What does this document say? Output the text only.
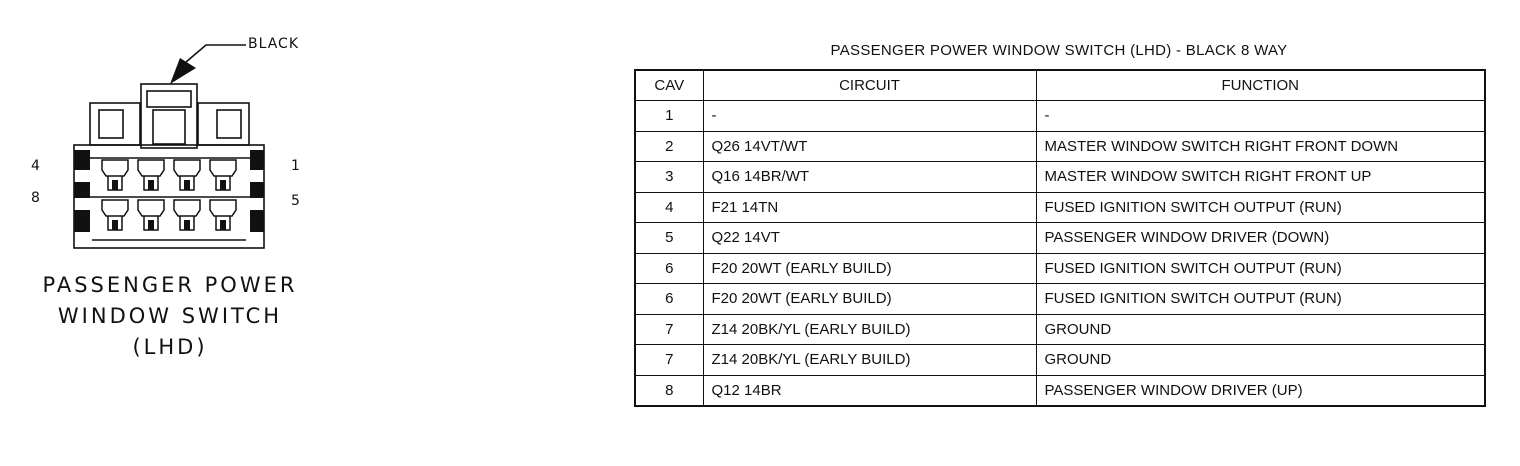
BLACK
4	1
8	5
PASSENGER POWER
WINDOW SWITCH
(LHD)
PASSENGER POWER WINDOW SWITCH (LHD) - BLACK 8 WAY
CAV	CIRCUIT	FUNCTION
1	-	-
2	Q26 14VT/WT	MASTER WINDOW SWITCH RIGHT FRONT DOWN
3	Q16 14BR/WT	MASTER WINDOW SWITCH RIGHT FRONT UP
4	F21 14TN	FUSED IGNITION SWITCH OUTPUT (RUN)
5	Q22 14VT	PASSENGER WINDOW DRIVER (DOWN)
6	F20 20WT (EARLY BUILD)	FUSED IGNITION SWITCH OUTPUT (RUN)
6	F20 20WT (EARLY BUILD)	FUSED IGNITION SWITCH OUTPUT (RUN)
7	Z14 20BK/YL (EARLY BUILD)	GROUND
7	Z14 20BK/YL (EARLY BUILD)	GROUND
8	Q12 14BR	PASSENGER WINDOW DRIVER (UP)
